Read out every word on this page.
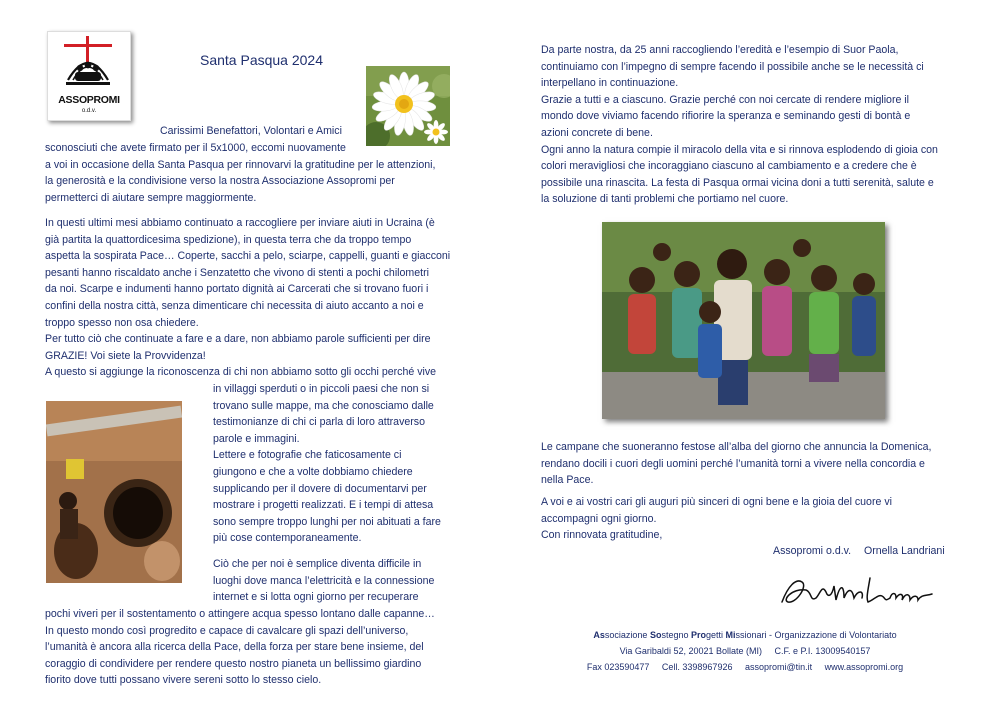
ASSOPROMI
o.d.v.
Santa Pasqua 2024
Carissimi Benefattori, Volontari e Amici

sconosciuti che avete firmato per il 5x1000, eccomi nuovamente

a voi in occasione della Santa Pasqua per rinnovarvi la gratitudine per le attenzioni,

la generosità e la condivisione verso la nostra Associazione Assopromi per

permetterci di aiutare sempre maggiormente.

In questi ultimi mesi abbiamo continuato a raccogliere per inviare aiuti in Ucraina (è
già partita la quattordicesima spedizione), in questa terra che da troppo tempo
aspetta la sospirata Pace… Coperte, sacchi a pelo, sciarpe, cappelli, guanti e giacconi
pesanti hanno riscaldato anche i Senzatetto che vivono di stenti a pochi chilometri
da noi. Scarpe e indumenti hanno portato dignità ai Carcerati che si trovano fuori i
confini della nostra città, senza dimenticare chi necessita di aiuto accanto a noi e
troppo spesso non osa chiedere.
Per tutto ciò che continuate a fare e a dare, non abbiamo parole sufficienti per dire
GRAZIE! Voi siete la Provvidenza!
A questo si aggiunge la riconoscenza di chi non abbiamo sotto gli occhi perché vive

in villaggi sperduti o in piccoli paesi che non si
trovano sulle mappe, ma che conosciamo dalle
testimonianze di chi ci parla di loro attraverso
parole e immagini.
Lettere e fotografie che faticosamente ci
giungono e che a volte dobbiamo chiedere
supplicando per il dovere di documentarvi per
mostrare i progetti realizzati. E i tempi di attesa
sono sempre troppo lunghi per noi abituati a fare
più cose contemporaneamente.

Ciò che per noi è semplice diventa difficile in
luoghi dove manca l’elettricità e la connessione
internet e si lotta ogni giorno per recuperare

pochi viveri per il sostentamento o attingere acqua spesso lontano dalle capanne…
In questo mondo così progredito e capace di cavalcare gli spazi dell’universo,
l’umanità è ancora alla ricerca della Pace, della forza per stare bene insieme, del
coraggio di condividere per rendere questo nostro pianeta un bellissimo giardino
fiorito dove tutti possano vivere sereni sotto lo stesso cielo.

Da parte nostra, da 25 anni raccogliendo l’eredità e l’esempio di Suor Paola,
continuiamo con l’impegno di sempre facendo il possibile anche se le necessità ci
interpellano in continuazione.
Grazie a tutti e a ciascuno. Grazie perché con noi cercate di rendere migliore il
mondo dove viviamo facendo rifiorire la speranza e seminando gesti di bontà e
azioni concrete di bene.
Ogni anno la natura compie il miracolo della vita e si rinnova esplodendo di gioia con
colori meravigliosi che incoraggiano ciascuno al cambiamento e a credere che è
possibile una rinascita. La festa di Pasqua ormai vicina doni a tutti serenità, salute e
la soluzione di tanti problemi che portiamo nel cuore.

Le campane che suoneranno festose all’alba del giorno che annuncia la Domenica,
rendano docili i cuori degli uomini perché l’umanità torni a vivere nella concordia e
nella Pace.

A voi e ai vostri cari gli auguri più sinceri di ogni bene e la gioia del cuore vi
accompagni ogni giorno.
Con rinnovata gratitudine,

Assopromi o.d.v. Ornella Landriani
Associazione Sostegno Progetti Missionari - Organizzazione di Volontariato
Via Garibaldi 52, 20021 Bollate (MI)     C.F. e P.I. 13009540157
Fax 023590477     Cell. 3398967926     assopromi@tin.it     www.assopromi.org
